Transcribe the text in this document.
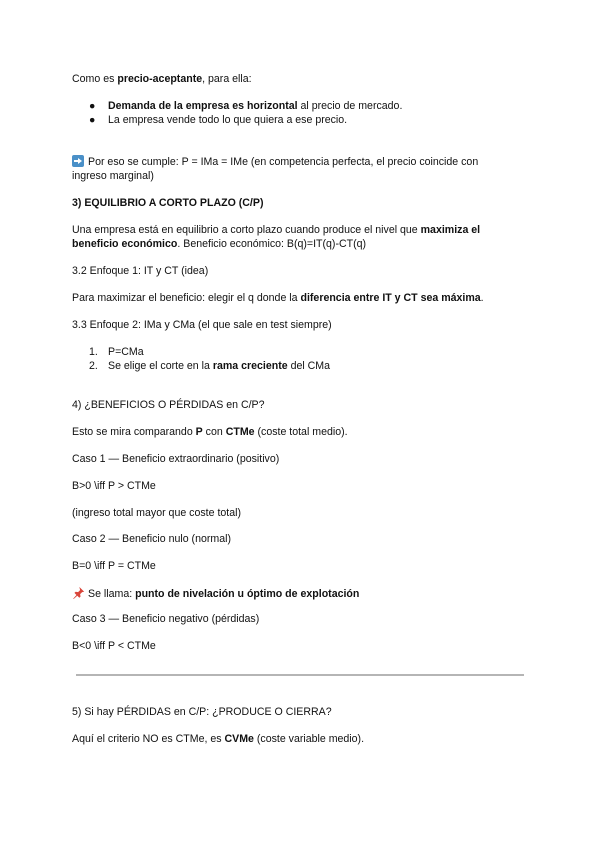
Como es precio-aceptante, para ella:
● Demanda de la empresa es horizontal al precio de mercado.
● La empresa vende todo lo que quiera a ese precio.
Por eso se cumple: P = IMa = IMe (en competencia perfecta, el precio coincide con
ingreso marginal)
3) EQUILIBRIO A CORTO PLAZO (C/P)
Una empresa está en equilibrio a corto plazo cuando produce el nivel que maximiza el
beneficio económico. Beneficio económico: B(q)=IT(q)-CT(q)
3.2 Enfoque 1: IT y CT (idea)
Para maximizar el beneficio: elegir el q donde la diferencia entre IT y CT sea máxima.
3.3 Enfoque 2: IMa y CMa (el que sale en test siempre)
1. P=CMa
2. Se elige el corte en la rama creciente del CMa
4) ¿BENEFICIOS O PÉRDIDAS en C/P?
Esto se mira comparando P con CTMe (coste total medio).
Caso 1 — Beneficio extraordinario (positivo)
B>0 \iff P > CTMe
(ingreso total mayor que coste total)
Caso 2 — Beneficio nulo (normal)
B=0 \iff P = CTMe
Se llama: punto de nivelación u óptimo de explotación
Caso 3 — Beneficio negativo (pérdidas)
B<0 \iff P < CTMe
5) Si hay PÉRDIDAS en C/P: ¿PRODUCE O CIERRA?
Aquí el criterio NO es CTMe, es CVMe (coste variable medio).
